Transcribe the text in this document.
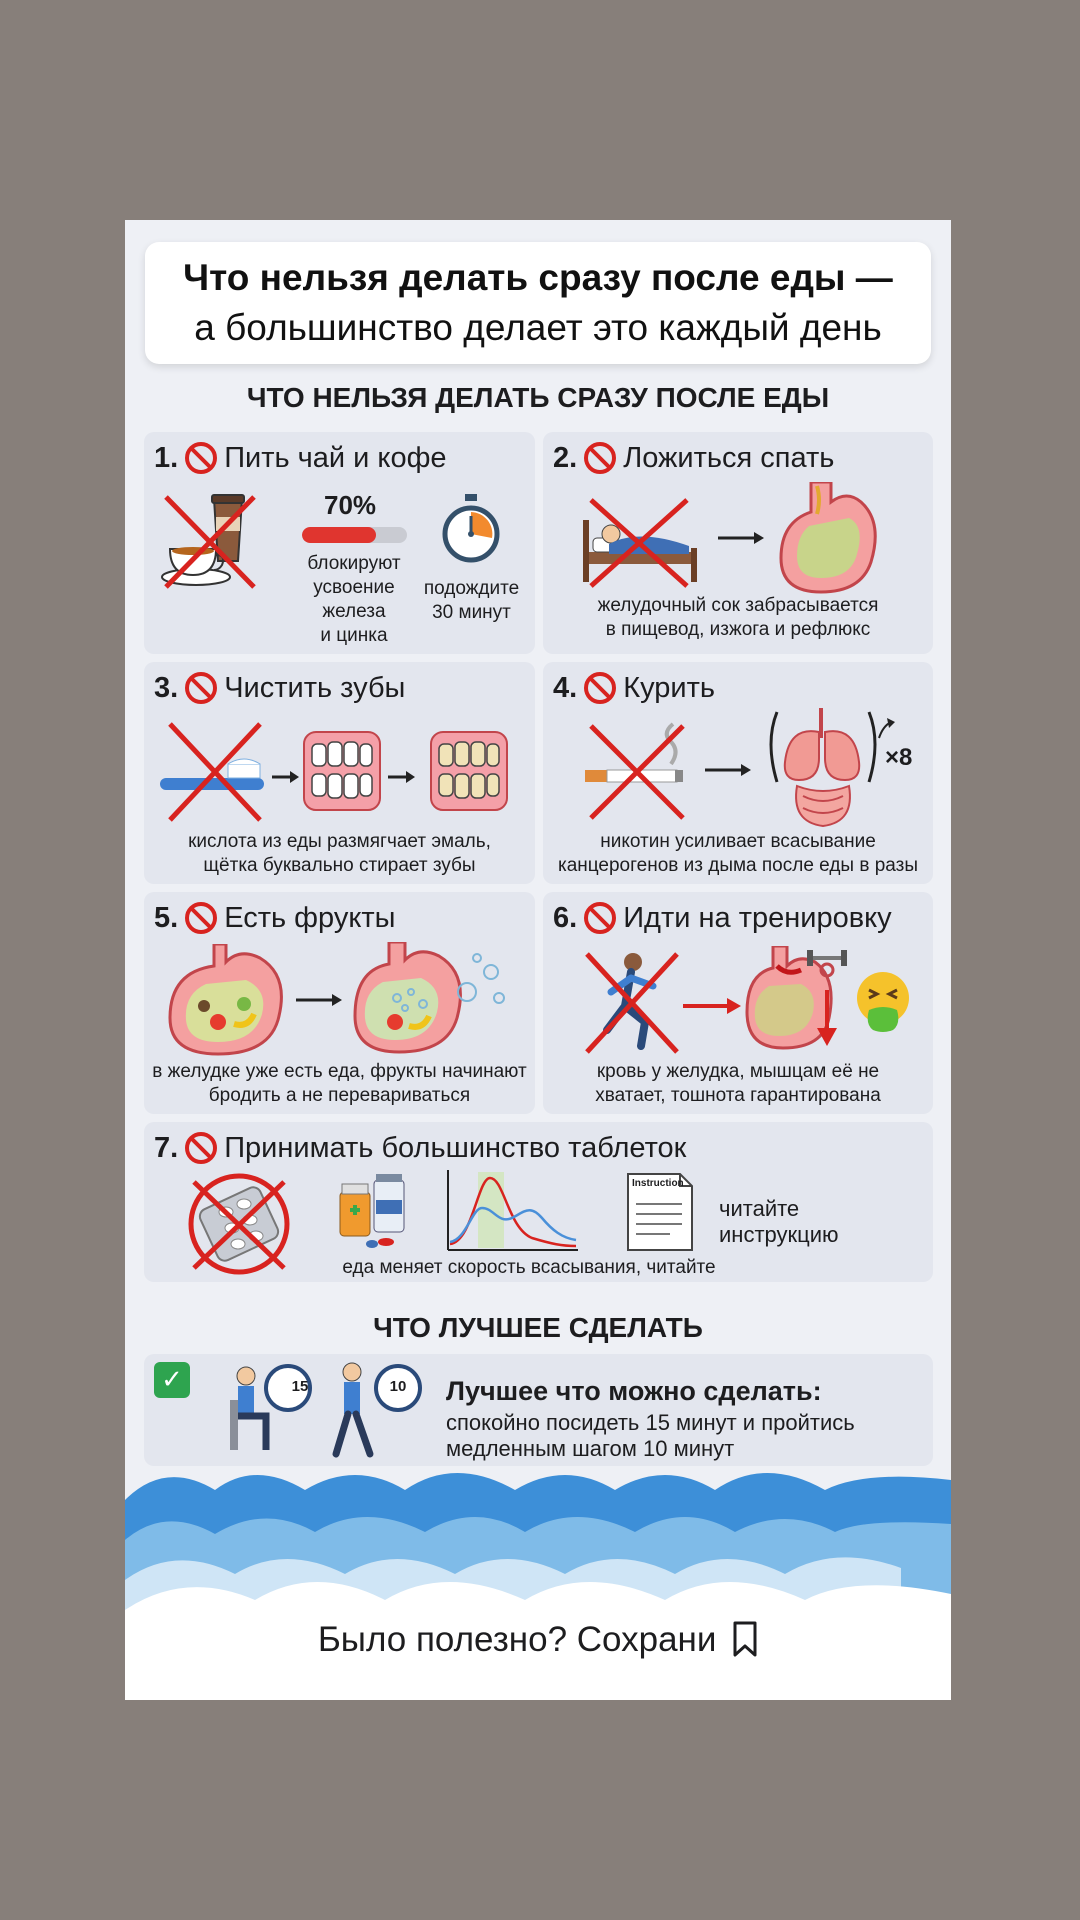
Что нельзя делать сразу после еды —
а большинство делает это каждый день
ЧТО НЕЛЬЗЯ ДЕЛАТЬ СРАЗУ ПОСЛЕ ЕДЫ
1. Пить чай и кофе
70%
блокируют
усвоение
железа
и цинка
подождите
30 минут
2. Ложиться спать
желудочный сок забрасывается
в пищевод, изжога и рефлюкс
3. Чистить зубы
кислота из еды размягчает эмаль,
щётка буквально стирает зубы
4. Курить
×8
никотин усиливает всасывание
канцерогенов из дыма после еды в разы
5. Есть фрукты
в желудке уже есть еда, фрукты начинают
бродить а не перевариваться
6. Идти на тренировку
кровь у желудка, мышцам её не
хватает, тошнота гарантирована
7. Принимать большинство таблеток
Instruction
еда меняет скорость всасывания, читайте
читайте
инструкцию
ЧТО ЛУЧШЕЕ СДЕЛАТЬ
✓	15	10	Лучшее что можно сделать:
спокойно посидеть 15 минут и пройтись
медленным шагом 10 минут
Было полезно? Сохрани
